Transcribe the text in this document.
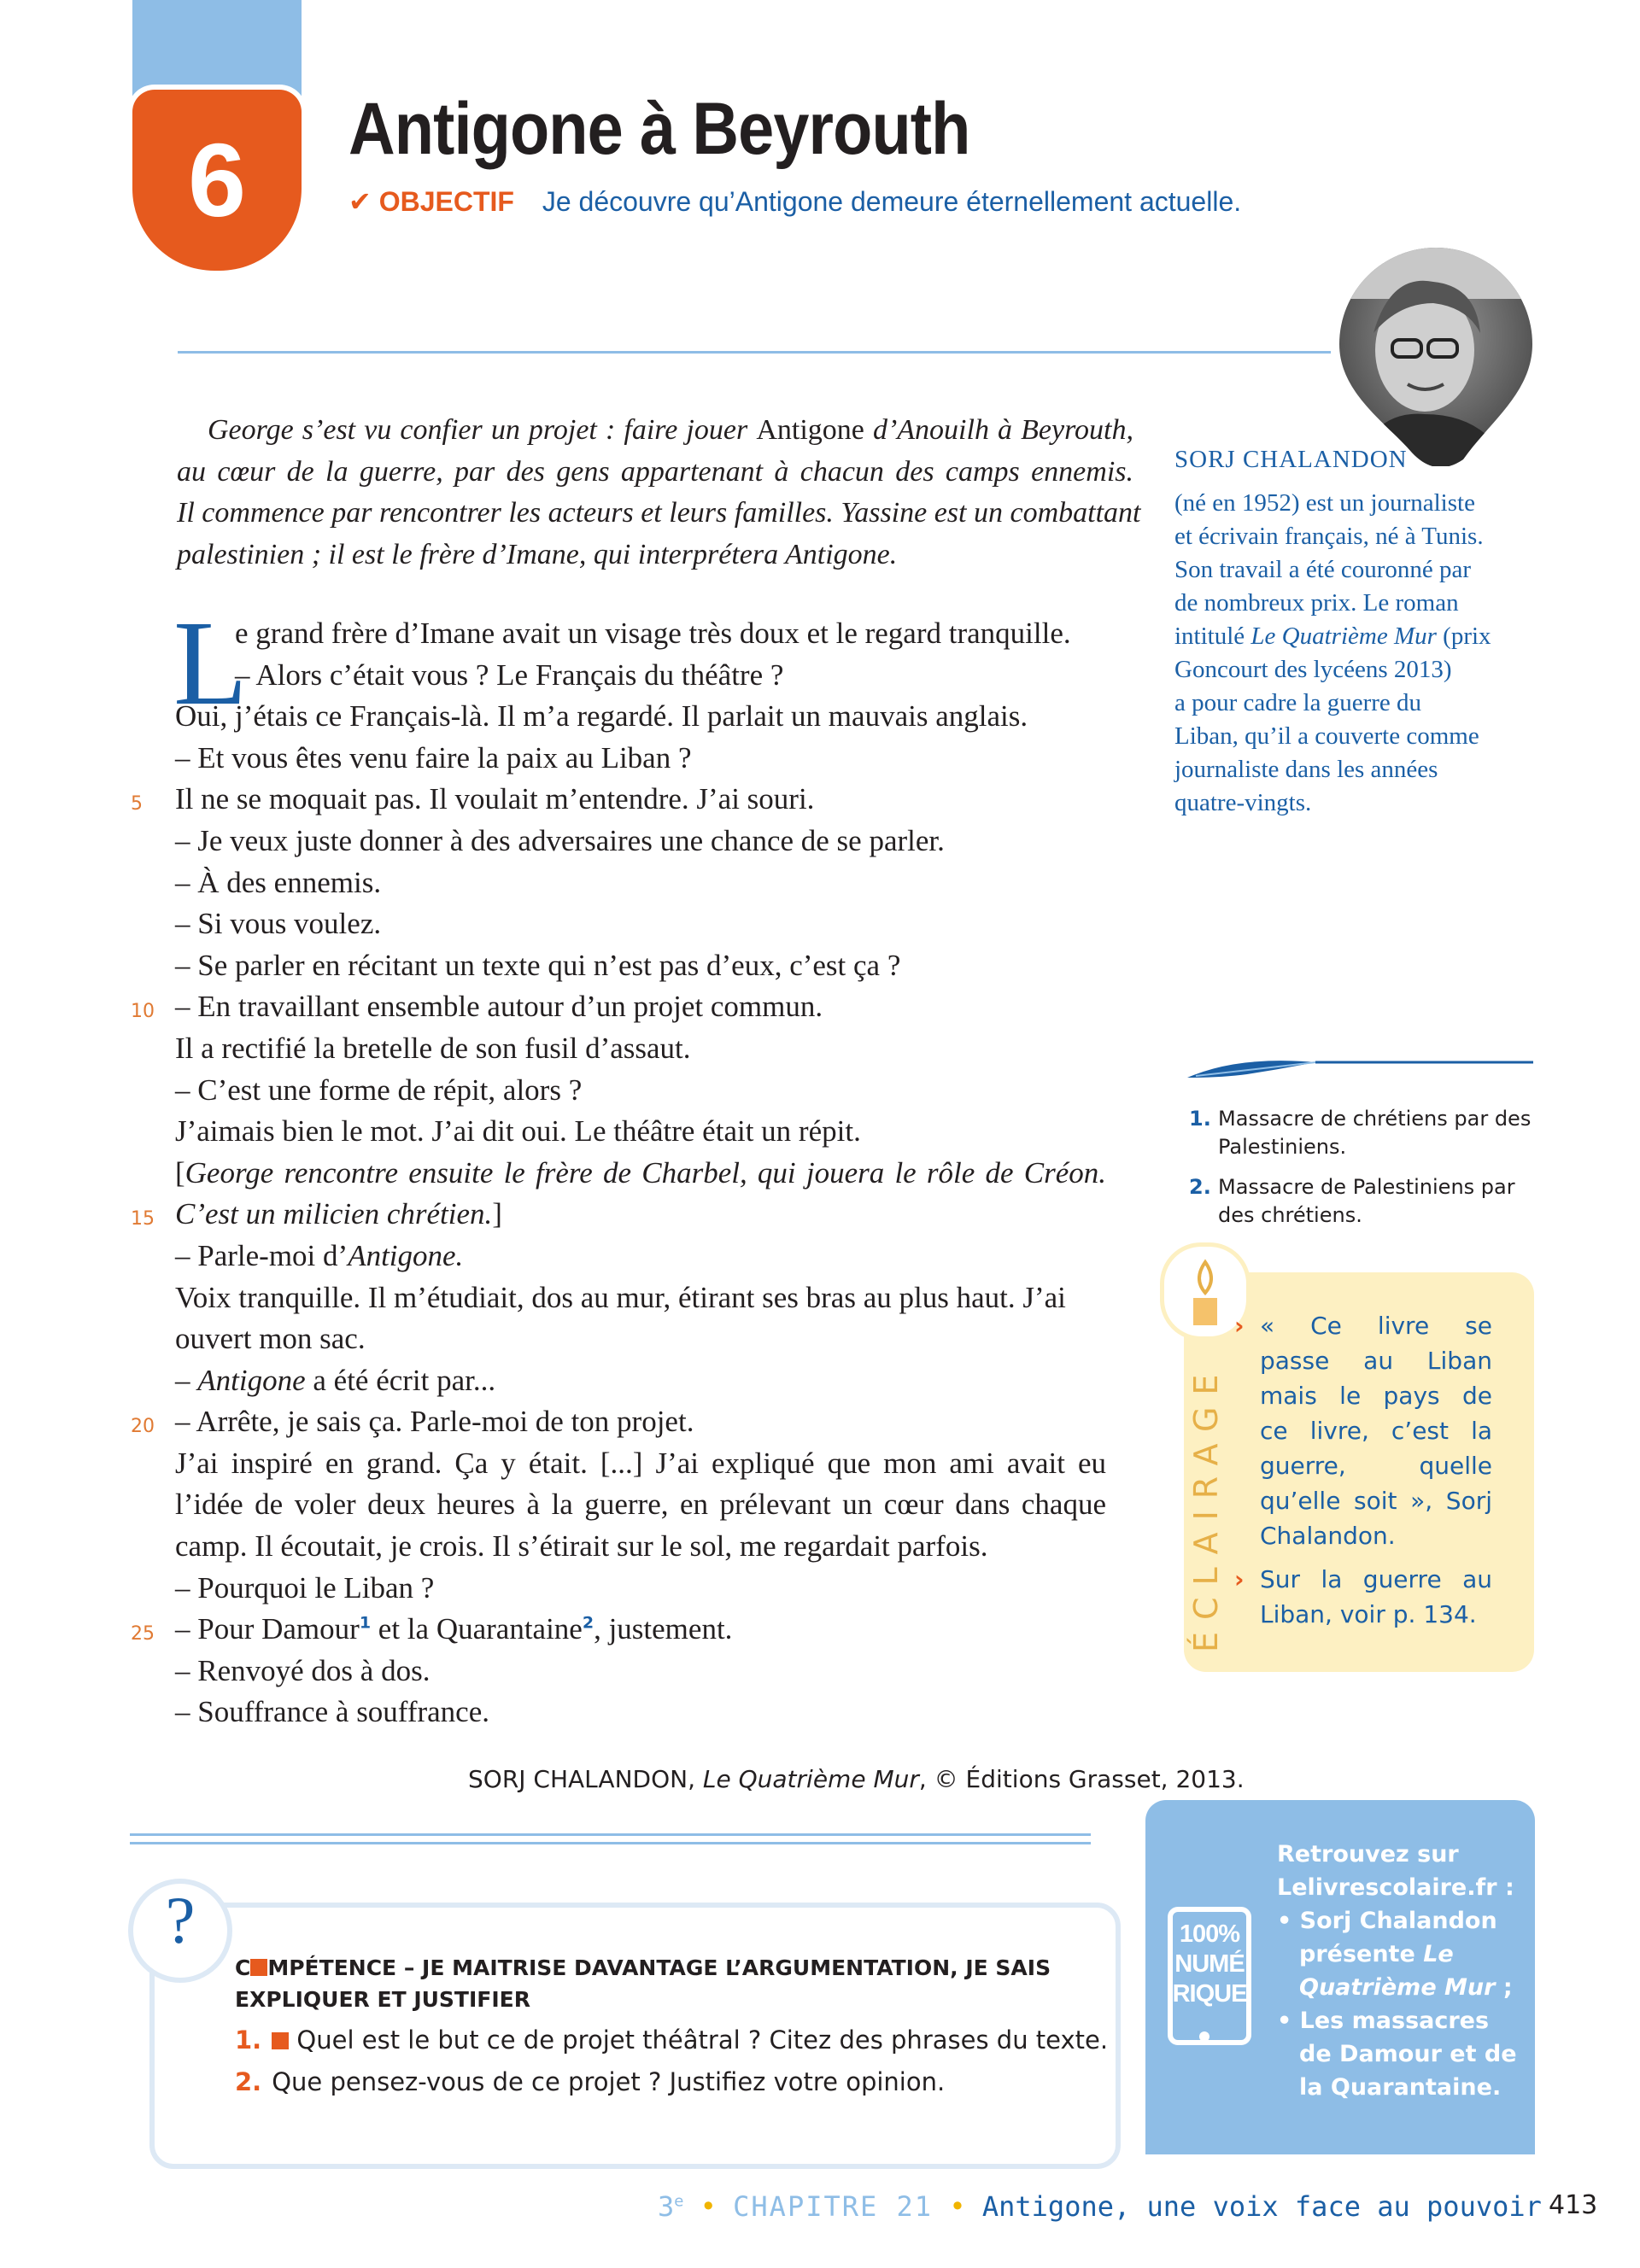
6	Antigone à Beyrouth
✔ OBJECTIF Je découvre qu’Antigone demeure éternellement actuelle.
SORJ CHALANDON
(né en 1952) est un journaliste
et écrivain français, né à Tunis.
Son travail a été couronné par
de nombreux prix. Le roman
intitulé Le Quatrième Mur (prix
Goncourt des lycéens 2013)
a pour cadre la guerre du
Liban, qu’il a couverte comme
journaliste dans les années
quatre-vingts.
George s’est vu confier un projet : faire jouer Antigone d’Anouilh à Beyrouth,
au cœur de la guerre, par des gens appartenant à chacun des camps ennemis.
Il commence par rencontrer les acteurs et leurs familles. Yassine est un combattant
palestinien ; il est le frère d’Imane, qui interprétera Antigone.
L
e grand frère d’Imane avait un visage très doux et le regard tranquille.
– Alors c’était vous ? Le Français du théâtre ?
Oui, j’étais ce Français-là. Il m’a regardé. Il parlait un mauvais anglais.
– Et vous êtes venu faire la paix au Liban ?
5	Il ne se moquait pas. Il voulait m’entendre. J’ai souri.
– Je veux juste donner à des adversaires une chance de se parler.
– À des ennemis.
– Si vous voulez.
– Se parler en récitant un texte qui n’est pas d’eux, c’est ça ?
10 – En travaillant ensemble autour d’un projet commun.
Il a rectifié la bretelle de son fusil d’assaut.
– C’est une forme de répit, alors ?
J’aimais bien le mot. J’ai dit oui. Le théâtre était un répit.
[George rencontre ensuite le frère de Charbel, qui jouera le rôle de Créon.
15 C’est un milicien chrétien.]
– Parle-moi d’Antigone.
Voix tranquille. Il m’étudiait, dos au mur, étirant ses bras au plus haut. J’ai
ouvert mon sac.
– Antigone a été écrit par...
20 – Arrête, je sais ça. Parle-moi de ton projet.
J’ai inspiré en grand. Ça y était. [...] J’ai expliqué que mon ami avait eu
l’idée de voler deux heures à la guerre, en prélevant un cœur dans chaque
camp. Il écoutait, je crois. Il s’étirait sur le sol, me regardait parfois.
– Pourquoi le Liban ?
25 – Pour Damour$^1$ et la Quarantaine$^2$, justement.
– Renvoyé dos à dos.
– Souffrance à souffrance.
SORJ CHALANDON, Le Quatrième Mur, © Éditions Grasset, 2013.
1. Massacre de chrétiens par des
Palestiniens.
2. Massacre de Palestiniens par
des chrétiens.
› « Ce livre se
passe au Liban
mais le pays de
ce livre, c’est la
guerre, quelle
qu’elle soit », Sorj
Chalandon.
› Sur la guerre au
Liban, voir p. 134.
?
C MPÉTENCE – JE MAITRISE DAVANTAGE L’ARGUMENTATION, JE SAIS
EXPLIQUER ET JUSTIFIER
1. Quel est le but ce de projet théâtral ? Citez des phrases du texte.
2. Que pensez-vous de ce projet ? Justifiez votre opinion.
100%
NUMÉ
RIQUE
Retrouvez sur
Lelivrescolaire.fr :
• Sorj Chalandon
présente Le
Quatrième Mur ;
• Les massacres
de Damour et de
la Quarantaine.
3e • CHAPITRE 21 • Antigone, une voix face au pouvoir 413
